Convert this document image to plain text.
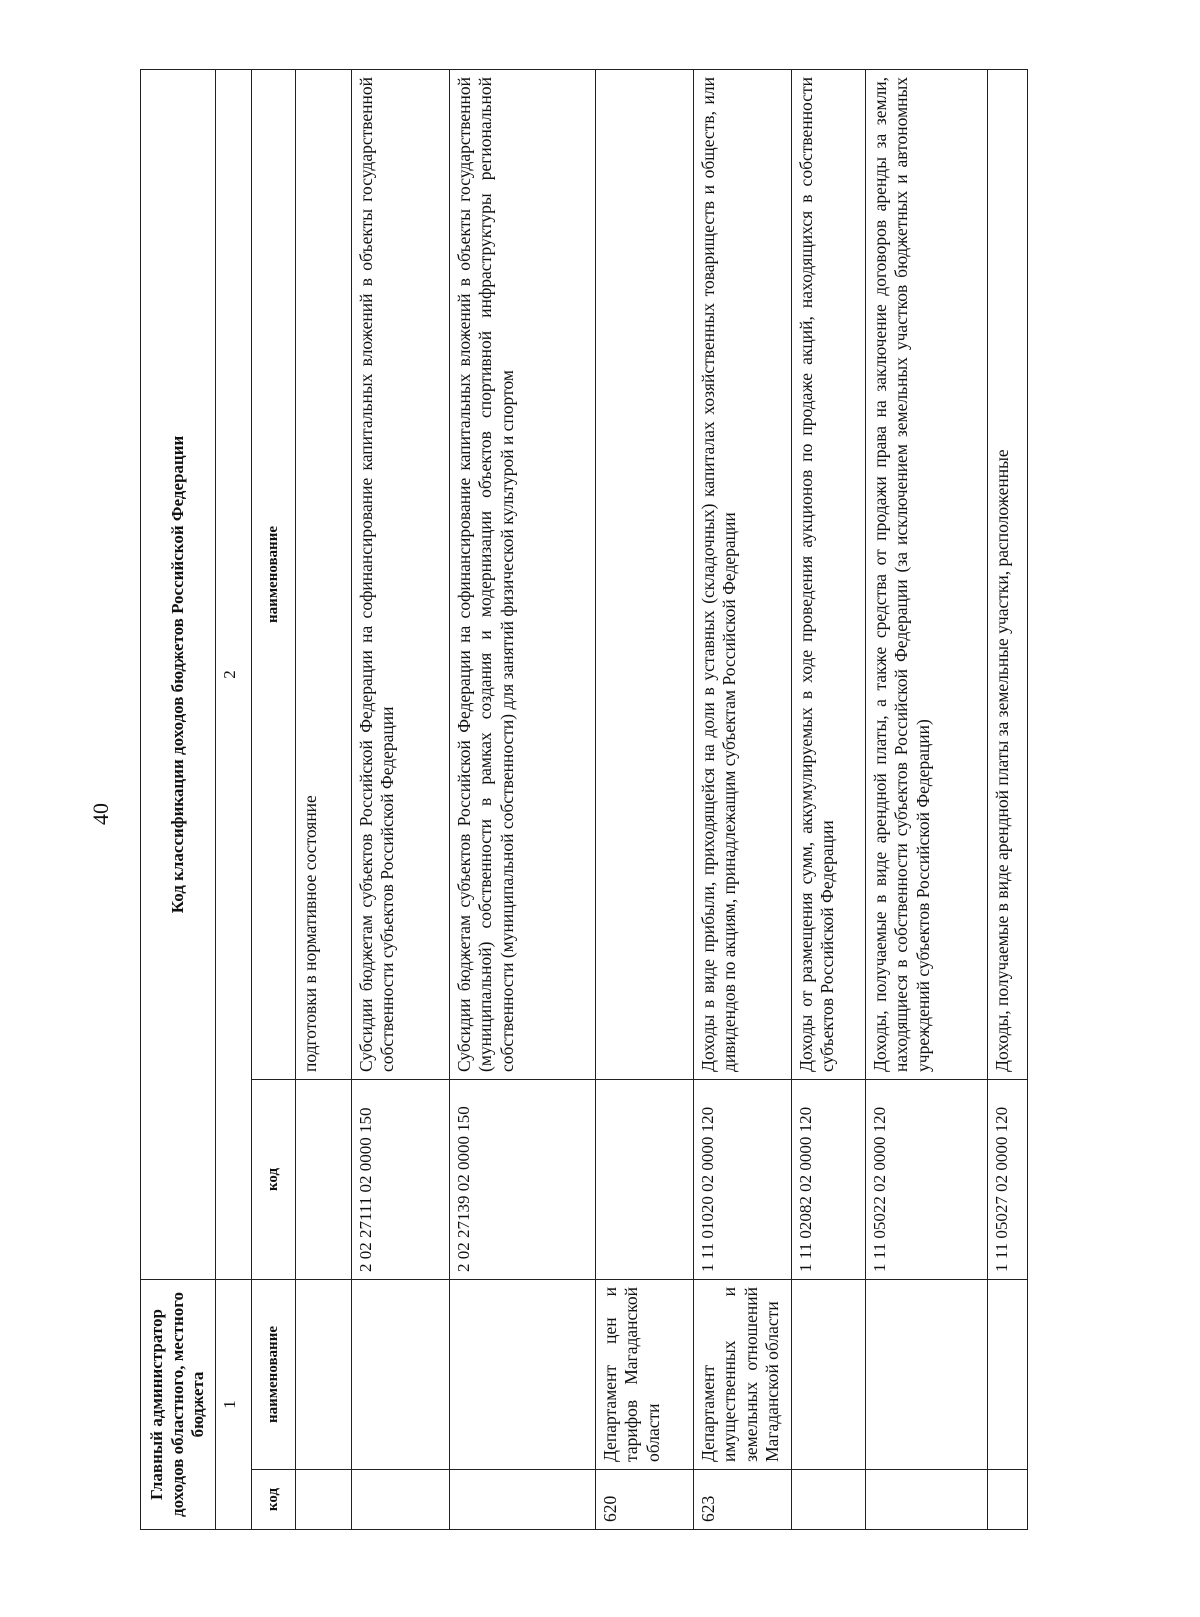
40
Главный администратор доходов областного, местного бюджета		Код классификации доходов бюджетов Российской Федерации	
1		2	
код	наименование	код	наименование
			подготовки в нормативное состояние
		2 02 27111 02 0000 150	Субсидии бюджетам субъектов Российской Федерации на софинансирование капитальных вложений в объекты государственной собственности субъектов Российской Федерации
		2 02 27139 02 0000 150	Субсидии бюджетам субъектов Российской Федерации на софинансирование капитальных вложений в объекты государственной (муниципальной) собственности в рамках создания и модернизации объектов спортивной инфраструктуры региональной собственности (муниципальной собственности) для занятий физической культурой и спортом
620	Департамент цен и тарифов Магаданской области		
623	Департамент имущественных и земельных отношений Магаданской области	1 11 01020 02 0000 120	Доходы в виде прибыли, приходящейся на доли в уставных (складочных) капиталах хозяйственных товариществ и обществ, или дивидендов по акциям, принадлежащим субъектам Российской Федерации
		1 11 02082 02 0000 120	Доходы от размещения сумм, аккумулируемых в ходе проведения аукционов по продаже акций, находящихся в собственности субъектов Российской Федерации
		1 11 05022 02 0000 120	Доходы, получаемые в виде арендной платы, а также средства от продажи права на заключение договоров аренды за земли, находящиеся в собственности субъектов Российской Федерации (за исключением земельных участков бюджетных и автономных учреждений субъектов Российской Федерации)
		1 11 05027 02 0000 120	Доходы, получаемые в виде арендной платы за земельные участки, расположенные
